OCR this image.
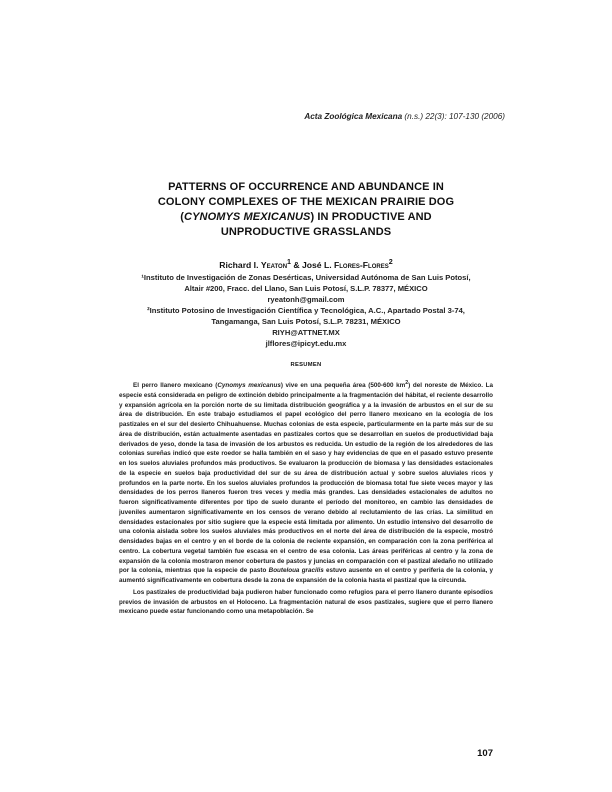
Acta Zoológica Mexicana (n.s.) 22(3): 107-130 (2006)
PATTERNS OF OCCURRENCE AND ABUNDANCE IN
COLONY COMPLEXES OF THE MEXICAN PRAIRIE DOG
(CYNOMYS MEXICANUS) IN PRODUCTIVE AND
UNPRODUCTIVE GRASSLANDS
Richard I. Yeaton$^1$ & José L. Flores-Flores$^2$
¹Instituto de Investigación de Zonas Desérticas, Universidad Autónoma de San Luis Potosí,
Altair #200, Fracc. del Llano, San Luis Potosí, S.L.P. 78377, MÉXICO
ryeatonh@gmail.com
²Instituto Potosino de Investigación Científica y Tecnológica, A.C., Apartado Postal 3-74,
Tangamanga, San Luis Potosí, S.L.P. 78231, MÉXICO
RIYH@ATTNET.MX
jlflores@ipicyt.edu.mx
RESUMEN

El perro llanero mexicano (Cynomys mexicanus) vive en una pequeña área (500-600 $km^2$) del noreste de México. La especie está considerada en peligro de extinción debido principalmente a la fragmentación del hábitat, el reciente desarrollo y expansión agrícola en la porción norte de su limitada distribución geográfica y a la invasión de arbustos en el sur de su área de distribución. En este trabajo estudiamos el papel ecológico del perro llanero mexicano en la ecología de los pastizales en el sur del desierto Chihuahuense. Muchas colonias de esta especie, particularmente en la parte más sur de su área de distribución, están actualmente asentadas en pastizales cortos que se desarrollan en suelos de productividad baja derivados de yeso, donde la tasa de invasión de los arbustos es reducida. Un estudio de la región de los alrededores de las colonias sureñas indicó que este roedor se halla también en el saso y hay evidencias de que en el pasado estuvo presente en los suelos aluviales profundos más productivos. Se evaluaron la producción de biomasa y las densidades estacionales de la especie en suelos baja productividad del sur de su área de distribución actual y sobre suelos aluviales ricos y profundos en la parte norte. En los suelos aluviales profundos la producción de biomasa total fue siete veces mayor y las densidades de los perros llaneros fueron tres veces y media más grandes. Las densidades estacionales de adultos no fueron significativamente diferentes por tipo de suelo durante el período del monitoreo, en cambio las densidades de juveniles aumentaron significativamente en los censos de verano debido al reclutamiento de las crías. La similitud en densidades estacionales por sitio sugiere que la especie está limitada por alimento. Un estudio intensivo del desarrollo de una colonia aislada sobre los suelos aluviales más productivos en el norte del área de distribución de la especie, mostró densidades bajas en el centro y en el borde de la colonia de reciente expansión, en comparación con la zona periférica al centro. La cobertura vegetal también fue escasa en el centro de esa colonia. Las áreas periféricas al centro y la zona de expansión de la colonia mostraron menor cobertura de pastos y juncias en comparación con el pastizal aledaño no utilizado por la colonia, mientras que la especie de pasto Bouteloua gracilis estuvo ausente en el centro y periferia de la colonia, y aumentó significativamente en cobertura desde la zona de expansión de la colonia hasta el pastizal que la circunda.

Los pastizales de productividad baja pudieron haber funcionado como refugios para el perro llanero durante episodios previos de invasión de arbustos en el Holoceno. La fragmentación natural de esos pastizales, sugiere que el perro llanero mexicano puede estar funcionando como una metapoblación. Se

107
